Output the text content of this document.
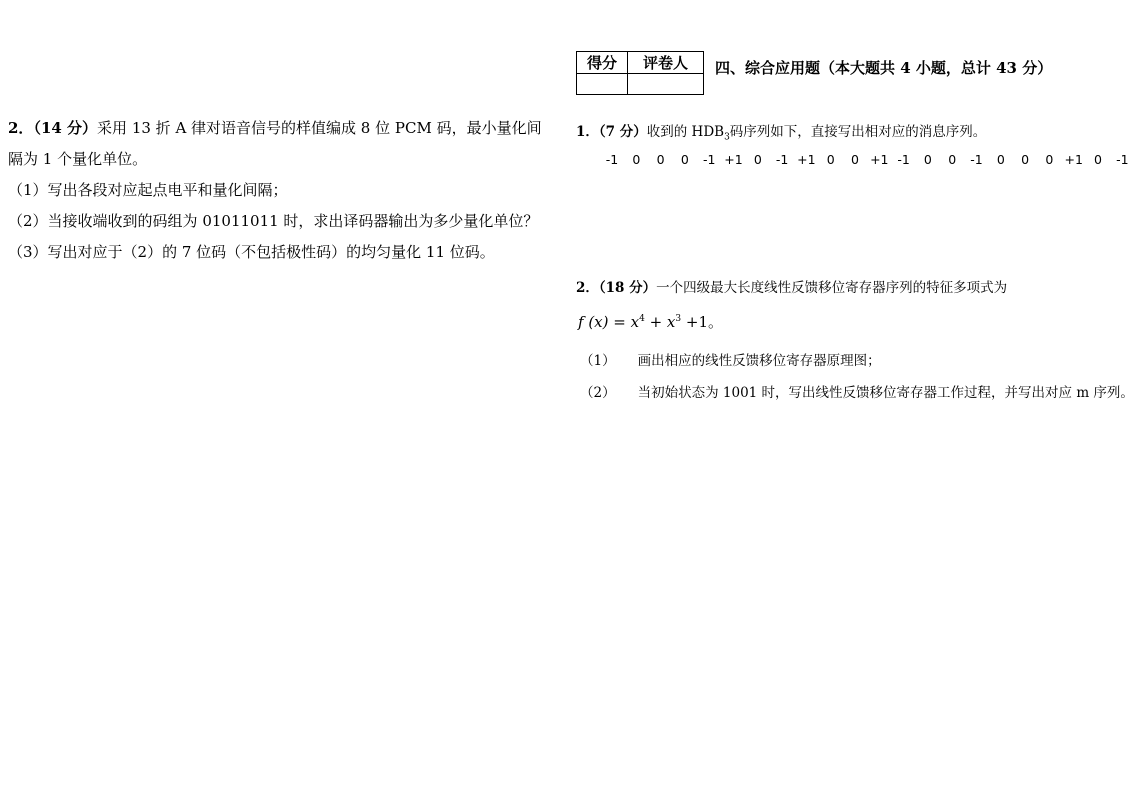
得分	评卷人
	四、综合应用题（本大题共 4 小题，总计 43 分）
2．（14 分）采用 13 折 A 律对语音信号的样值编成 8 位 PCM 码，最小量化间
隔为 1 个量化单位。
（1）写出各段对应起点电平和量化间隔；
（2）当接收端收到的码组为 01011011 时，求出译码器输出为多少量化单位？
（3）写出对应于（2）的 7 位码（不包括极性码）的均匀量化 11 位码。
1．（7 分）收到的 $HDB_3$码序列如下，直接写出相对应的消息序列。
-1	0	0	0	-1 +1 0	-1 +1 0	0 +1 -1	0	0	-1	0	0	0 +1 0	-1
2．（18 分）一个四级最大长度线性反馈移位寄存器序列的特征多项式为
f $(x) = x^4 + x^3 +1$。
（1） 画出相应的线性反馈移位寄存器原理图；
（2） 当初始状态为 1001 时，写出线性反馈移位寄存器工作过程，并写出对应 m 序列。
